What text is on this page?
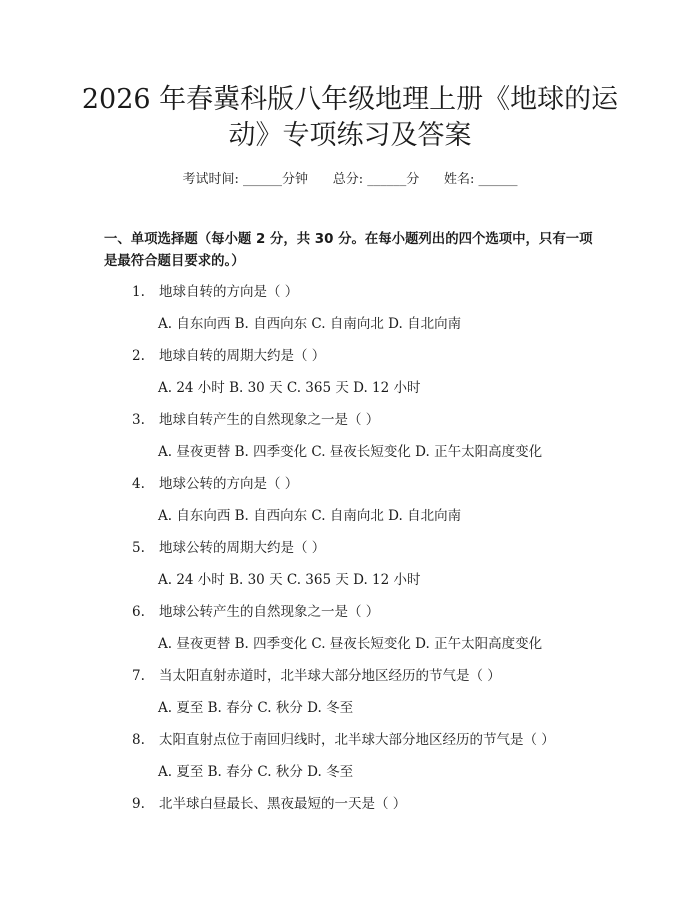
2026 年春冀科版八年级地理上册《地球的运
动》专项练习及答案
考试时间: ______分钟      总分: ______分      姓名: ______

一、单项选择题（每小题 2 分，共 30 分。在每小题列出的四个选项中，只有一项

是最符合题目要求的。）

1. 地球自转的方向是（ ）
A. 自东向西 B. 自西向东 C. 自南向北 D. 自北向南
2. 地球自转的周期大约是（ ）
A. 24 小时 B. 30 天 C. 365 天 D. 12 小时
3. 地球自转产生的自然现象之一是（ ）
A. 昼夜更替 B. 四季变化 C. 昼夜长短变化 D. 正午太阳高度变化
4. 地球公转的方向是（ ）
A. 自东向西 B. 自西向东 C. 自南向北 D. 自北向南
5. 地球公转的周期大约是（ ）
A. 24 小时 B. 30 天 C. 365 天 D. 12 小时
6. 地球公转产生的自然现象之一是（ ）
A. 昼夜更替 B. 四季变化 C. 昼夜长短变化 D. 正午太阳高度变化
7. 当太阳直射赤道时，北半球大部分地区经历的节气是（ ）
A. 夏至 B. 春分 C. 秋分 D. 冬至
8. 太阳直射点位于南回归线时，北半球大部分地区经历的节气是（ ）
A. 夏至 B. 春分 C. 秋分 D. 冬至
9. 北半球白昼最长、黑夜最短的一天是（ ）
